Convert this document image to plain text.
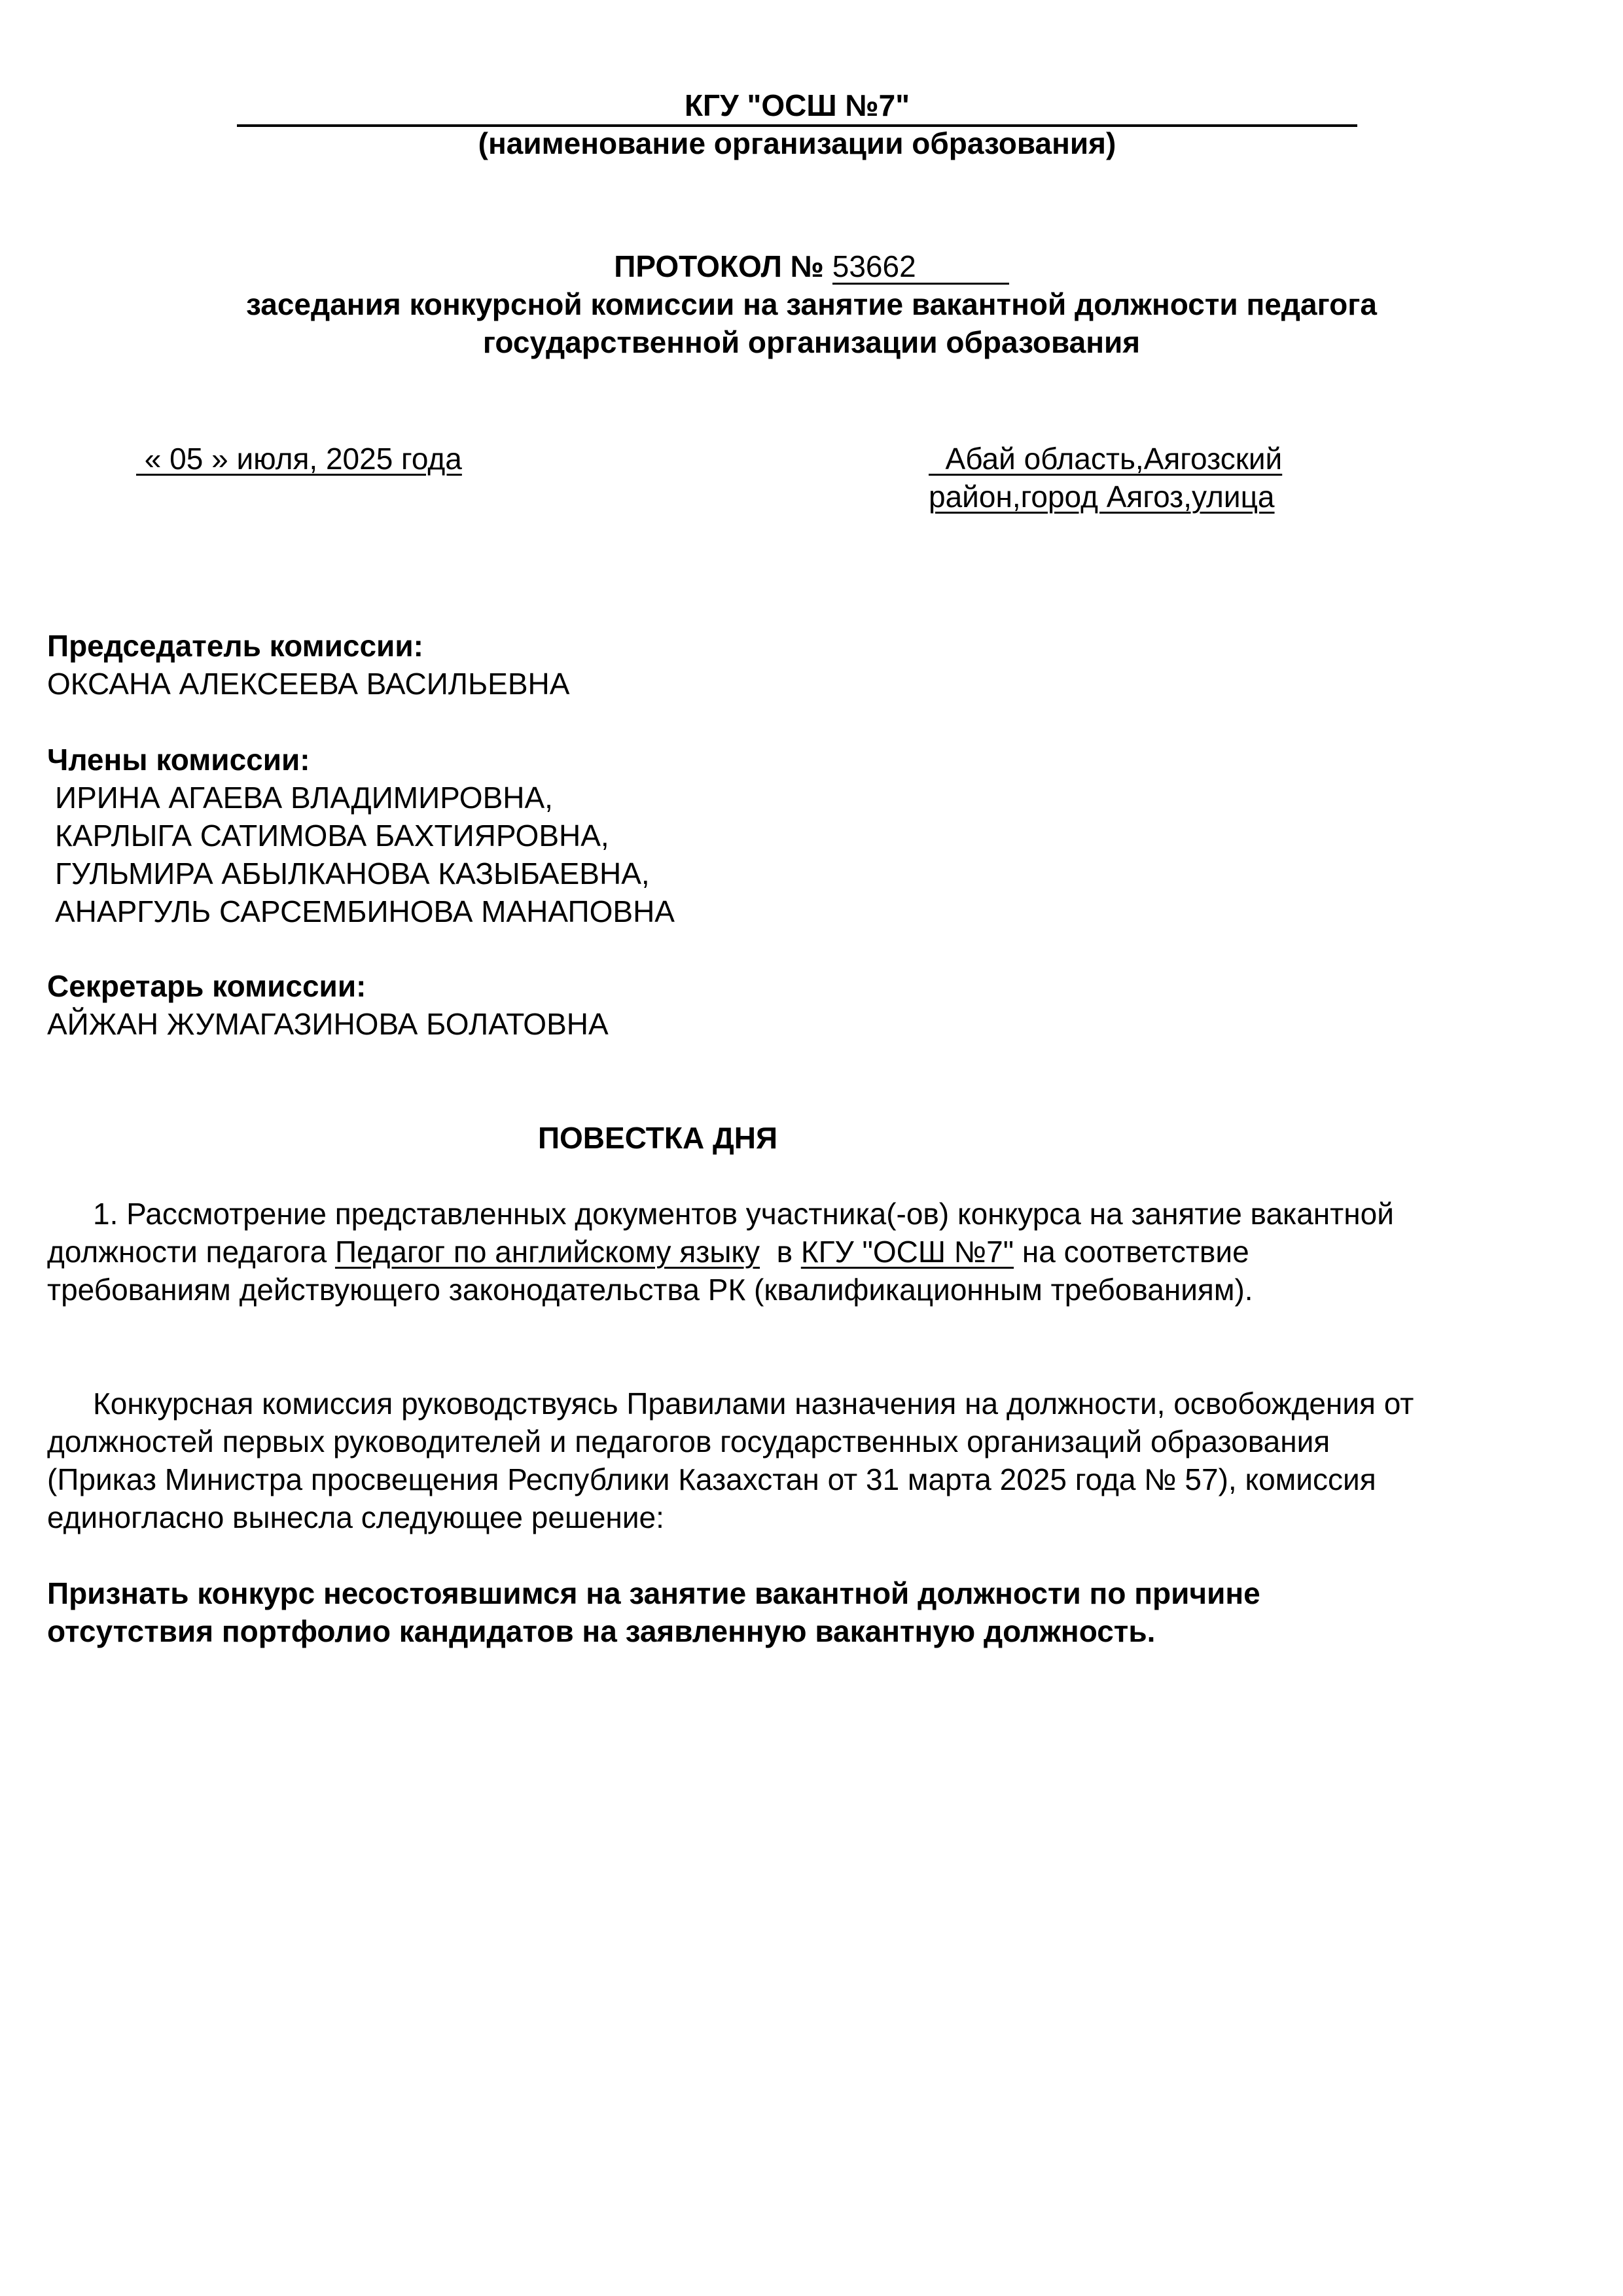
КГУ "ОСШ №7"
(наименование организации образования)
ПРОТОКОЛ № 53662
заседания конкурсной комиссии на занятие вакантной должности педагога
государственной организации образования
« 05 » июля, 2025 года	Абай область,Аягозский
район,город Аягоз,улица
Председатель комиссии:
ОКСАНА АЛЕКСЕЕВА ВАСИЛЬЕВНА
Члены комиссии:
ИРИНА АГАЕВА ВЛАДИМИРОВНА,
КАРЛЫГА САТИМОВА БАХТИЯРОВНА,
ГУЛЬМИРА АБЫЛКАНОВА КАЗЫБАЕВНА,
АНАРГУЛЬ САРСЕМБИНОВА МАНАПОВНА
Секретарь комиссии:
АЙЖАН ЖУМАГАЗИНОВА БОЛАТОВНА
ПОВЕСТКА ДНЯ
1. Рассмотрение представленных документов участника(-ов) конкурса на занятие вакантной должности педагога Педагог по английскому языку  в КГУ "ОСШ №7" на соответствие требованиям действующего законодательства РК (квалификационным требованиям).
Конкурсная комиссия руководствуясь Правилами назначения на должности, освобождения от должностей первых руководителей и педагогов государственных организаций образования (Приказ Министра просвещения Республики Казахстан от 31 марта 2025 года № 57), комиссия единогласно вынесла следующее решение:
Признать конкурс несостоявшимся на занятие вакантной должности по причине отсутствия портфолио кандидатов на заявленную вакантную должность.
